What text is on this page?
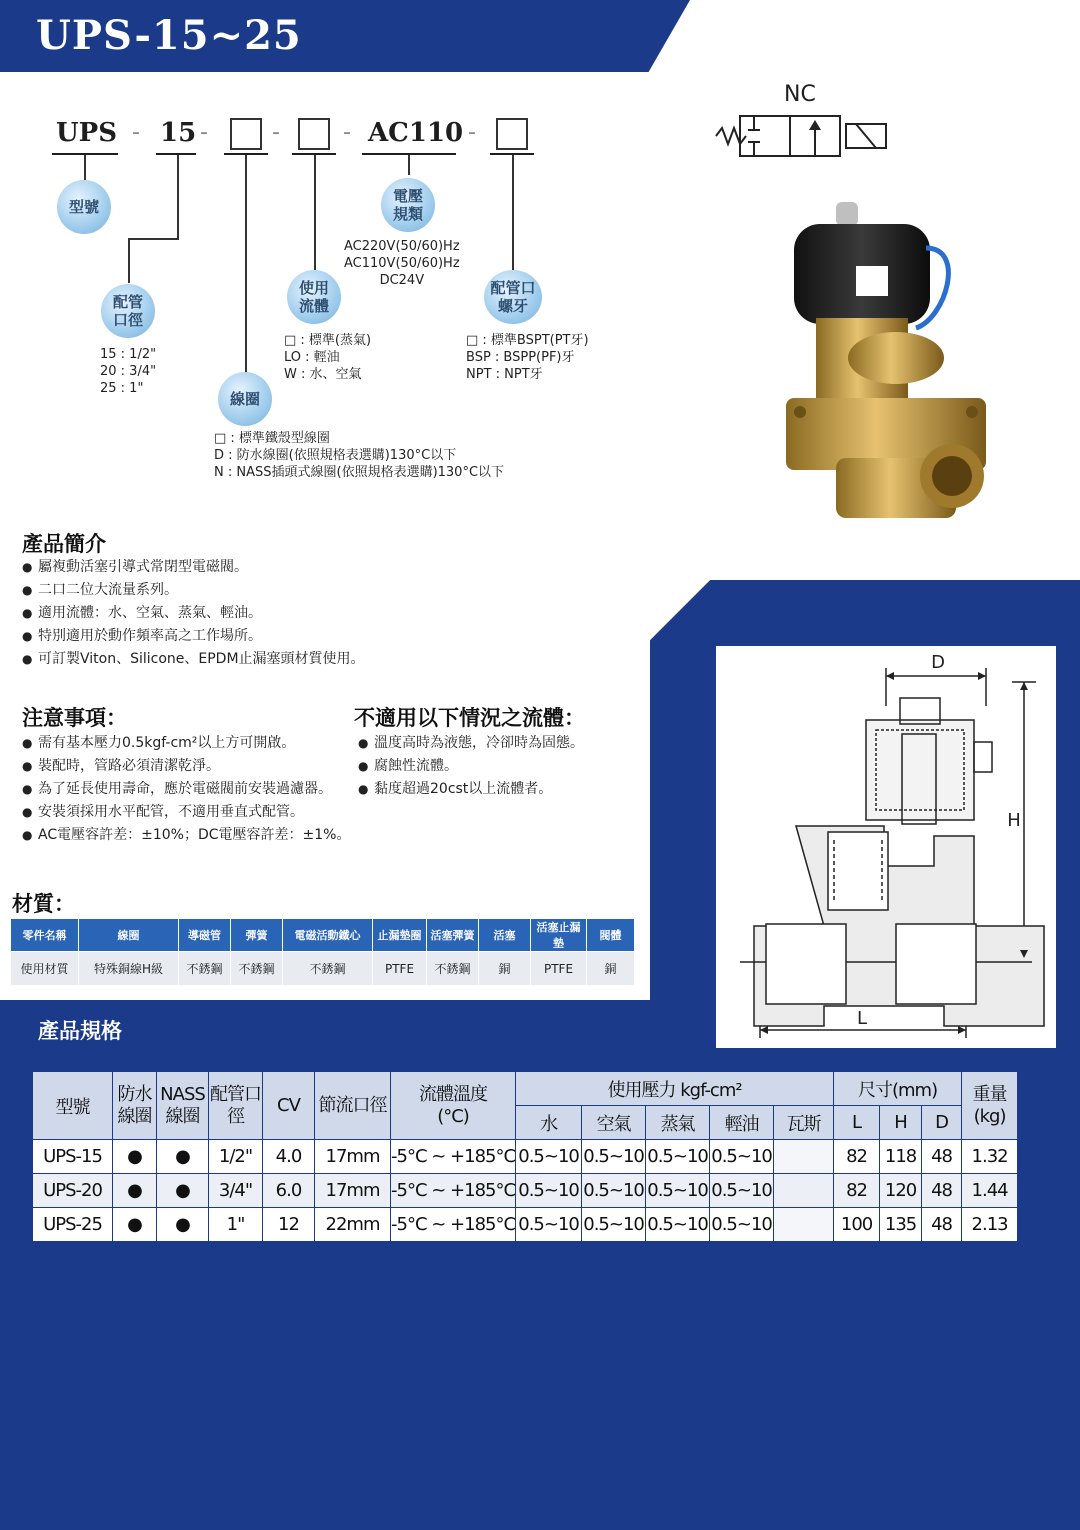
UPS-15~25
UPS - 15 -	-	- AC110 -
型號
配管
口徑
線圈
使用
流體
電壓
規類
配管口
螺牙
15 : 1/2"
20 : 3/4"
25 : 1"
AC220V(50/60)Hz
AC110V(50/60)Hz
DC24V
□ : 標準(蒸氣)
LO : 輕油
W : 水、空氣
□ : 標準BSPT(PT牙)
BSP : BSPP(PF)牙
NPT : NPT牙
□ : 標準鐵殼型線圈
D : 防水線圈(依照規格表選購)130°C以下
N : NASS插頭式線圈(依照規格表選購)130°C以下
NC
產品簡介
● 屬複動活塞引導式常閉型電磁閥。
● 二口二位大流量系列。
● 適用流體：水、空氣、蒸氣、輕油。
● 特別適用於動作頻率高之工作場所。
● 可訂製Viton、Silicone、EPDM止漏塞頭材質使用。
注意事項：
● 需有基本壓力0.5kgf-cm²以上方可開啟。
● 裝配時，管路必須清潔乾淨。
● 為了延長使用壽命，應於電磁閥前安裝過濾器。
● 安裝須採用水平配管，不適用垂直式配管。
● AC電壓容許差：±10%；DC電壓容許差：±1%。
不適用以下情況之流體：
● 溫度高時為液態，冷卻時為固態。
● 腐蝕性流體。
● 黏度超過20cst以上流體者。
材質：
零件名稱	線圈	導磁管	彈簧	電磁活動鐵心	止漏墊圈	活塞彈簧	活塞	活塞止漏墊	閥體
使用材質	特殊銅線H級	不銹鋼	不銹鋼	不銹鋼	PTFE	不銹鋼	銅	PTFE	銅
產品規格
D
H
L
型號	防水線圈	NASS線圈	配管口徑	CV	節流口徑	流體溫度
(°C)	使用壓力 kgf-cm²					尺寸(mm)			重量
(kg)
							水	空氣	蒸氣	輕油	瓦斯	L	H	D	
UPS-15	●	●	1/2"	4.0	17mm	-5°C ~ +185°C	0.5~10	0.5~10	0.5~10	0.5~10		82	118	48	1.32
UPS-20	●	●	3/4"	6.0	17mm	-5°C ~ +185°C	0.5~10	0.5~10	0.5~10	0.5~10		82	120	48	1.44
UPS-25	●	●	1"	12	22mm	-5°C ~ +185°C	0.5~10	0.5~10	0.5~10	0.5~10		100	135	48	2.13
